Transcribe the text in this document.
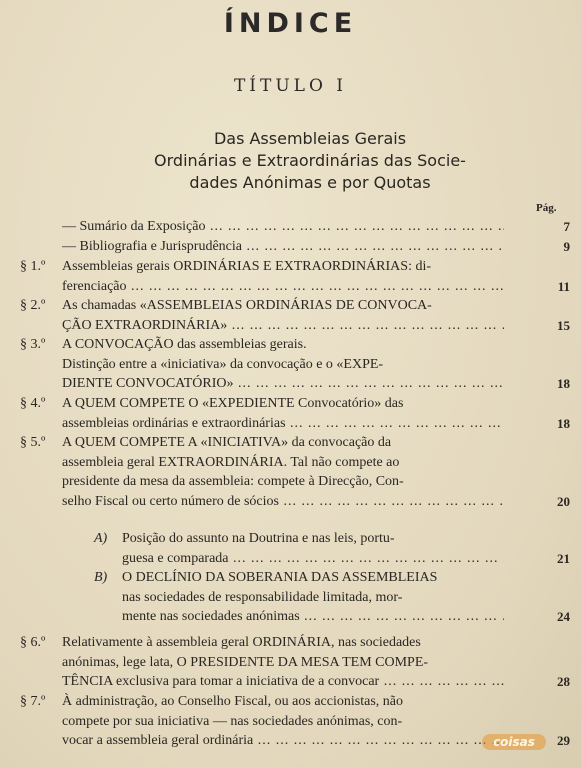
ÍNDICE
TÍTULO I
Das Assembleias Gerais
Ordinárias e Extraordinárias das Socie-
dades Anónimas e por Quotas
Pág.
— Sumário da Exposição ... .	7
— Bibliografia e Jurisprudência ... .	9
§ 1.º Assembleias gerais ORDINÁRIAS E EXTRAORDINÁRIAS: di-
ferenciação ... .	11
§ 2.º As chamadas «ASSEMBLEIAS ORDINÁRIAS DE CONVOCA-
ÇÃO EXTRAORDINÁRIA» ... .	15
§ 3.º A CONVOCAÇÃO das assembleias gerais.
Distinção entre a «iniciativa» da convocação e o «EXPE-
DIENTE CONVOCATÓRIO» ... .	18
§ 4.º A QUEM COMPETE O «EXPEDIENTE Convocatório» das
assembleias ordinárias e extraordinárias ... .	18
§ 5.º A QUEM COMPETE A «INICIATIVA» da convocação da
assembleia geral EXTRAORDINÁRIA. Tal não compete ao
presidente da mesa da assembleia: compete à Direcção, Con-
selho Fiscal ou certo número de sócios ... .	20
A) Posição do assunto na Doutrina e nas leis, portu-
guesa e comparada ... .	21
B) O DECLÍNIO DA SOBERANIA DAS ASSEMBLEIAS
nas sociedades de responsabilidade limitada, mor-
mente nas sociedades anónimas ... .	24
§ 6.º Relativamente à assembleia geral ORDINÁRIA, nas sociedades
anónimas, lege lata, O PRESIDENTE DA MESA TEM COMPE-
TÊNCIA exclusiva para tomar a iniciativa de a convocar ... .	28
§ 7.º À administração, ao Conselho Fiscal, ou aos accionistas, não
compete por sua iniciativa — nas sociedades anónimas, con-
vocar a assembleia geral ordinária ... .	29
coisas
